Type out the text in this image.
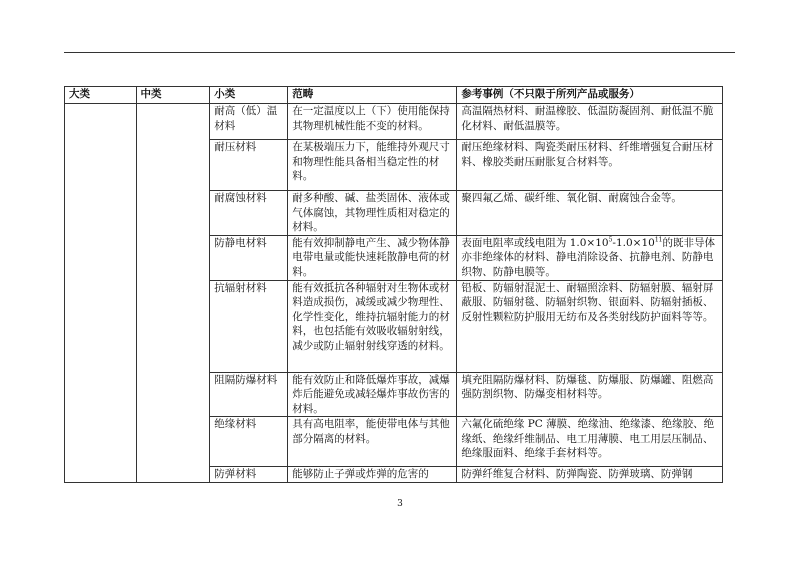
大类	中类	小类	范畴	参考事例（不只限于所列产品或服务）
		耐高（低）温材料	在一定温度以上（下）使用能保持其物理机械性能不变的材料。	高温隔热材料、耐温橡胶、低温防凝固剂、耐低温不脆化材料、耐低温膜等。
		耐压材料	在某极端压力下，能维持外观尺寸和物理性能具备相当稳定性的材料。	耐压绝缘材料、陶瓷类耐压材料、纤维增强复合耐压材料、橡胶类耐压耐胀复合材料等。
		耐腐蚀材料	耐多种酸、碱、盐类固体、液体或气体腐蚀，其物理性质相对稳定的材料。	聚四氟乙烯、碳纤维、氧化铜、耐腐蚀合金等。
		防静电材料	能有效抑制静电产生、减少物体静电带电量或能快速耗散静电荷的材料。	表面电阻率或线电阻为 $1.0\times 10^5-1.0\times 10^{11}$的既非导体亦非绝缘体的材料、静电消除设备、抗静电剂、防静电织物、防静电膜等。
		抗辐射材料	能有效抵抗各种辐射对生物体或材料造成损伤，减缓或减少物理性、化学性变化，维持抗辐射能力的材料，也包括能有效吸收辐射射线，减少或防止辐射射线穿透的材料。	铅板、防辐射混泥土、耐辐照涂料、防辐射膜、辐射屏蔽服、防辐射毯、防辐射织物、银面料、防辐射插板、反射性颗粒防护服用无纺布及各类射线防护面料等等。
		阻隔防爆材料	能有效防止和降低爆炸事故，减爆炸后能避免或减轻爆炸事故伤害的材料。	填充阻隔防爆材料、防爆毯、防爆服、防爆罐、阻燃高强防割织物、防爆变相材料等。
		绝缘材料	具有高电阻率，能使带电体与其他部分隔离的材料。	六氟化硫绝缘 PC 薄膜、绝缘油、绝缘漆、绝缘胶、绝缘纸、绝缘纤维制品、电工用薄膜、电工用层压制品、绝缘服面料、绝缘手套材料等。
		防弹材料	能够防止子弹或炸弹的危害的	防弹纤维复合材料、防弹陶瓷、防弹玻璃、防弹钢
3
